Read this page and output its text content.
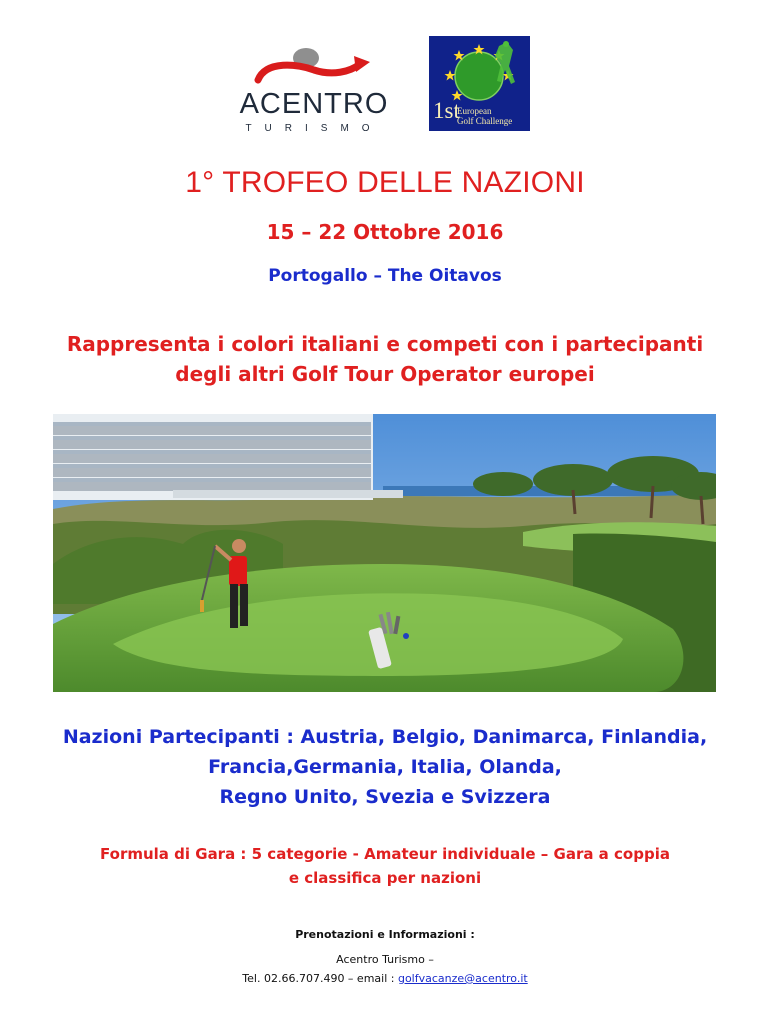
ACENTRO
TURISMO
1st
European
Golf Challenge
1° TROFEO DELLE NAZIONI
15 – 22 Ottobre 2016
Portogallo – The Oitavos
Rappresenta i colori italiani e competi con i partecipanti
degli altri Golf Tour Operator europei
Nazioni Partecipanti : Austria, Belgio, Danimarca, Finlandia,
Francia,Germania, Italia, Olanda,
Regno Unito, Svezia e Svizzera
Formula di Gara : 5 categorie - Amateur individuale – Gara a coppia
e classifica per nazioni
Prenotazioni e Informazioni :
Acentro Turismo –
Tel. 02.66.707.490 – email : golfvacanze@acentro.it
